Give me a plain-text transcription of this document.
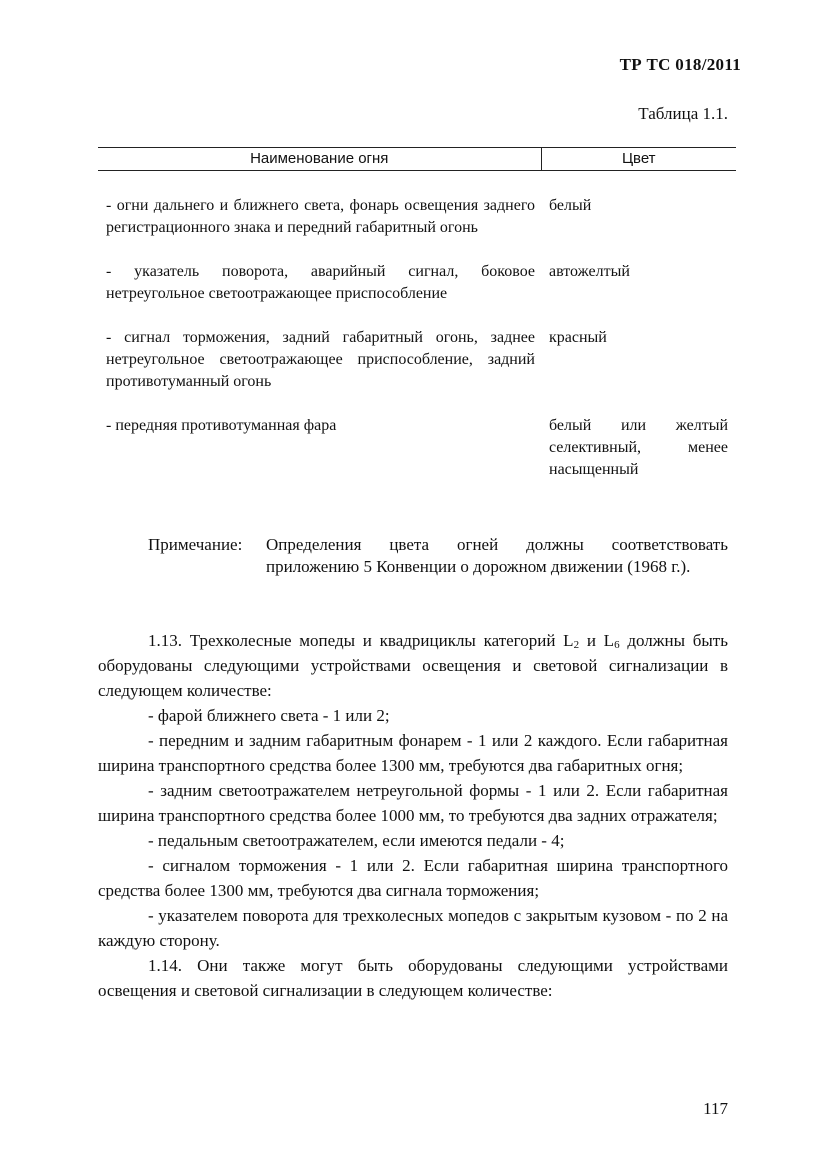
ТР ТС 018/2011
Таблица 1.1.
Наименование огня	Цвет

- огни дальнего и ближнего света, фонарь освещения заднего регистрационного знака и передний габаритный огонь	белый

- указатель поворота, аварийный сигнал, боковое нетреугольное светоотражающее приспособление	автожелтый

- сигнал торможения, задний габаритный огонь, заднее нетреугольное светоотражающее приспособление, задний противотуманный огонь	красный

- передняя противотуманная фара	белый или желтый селективный, менее насыщенный
Примечание: Определения цвета огней должны соответствовать приложению 5 Конвенции о дорожном движении (1968 г.).

1.13. Трехколесные мопеды и квадрициклы категорий $L_2$ и $L_6$ должны быть оборудованы следующими устройствами освещения и световой сигнализации в следующем количестве:

- фарой ближнего света - 1 или 2;

- передним и задним габаритным фонарем - 1 или 2 каждого. Если габаритная ширина транспортного средства более 1300 мм, требуются два габаритных огня;

- задним светоотражателем нетреугольной формы - 1 или 2. Если габаритная ширина транспортного средства более 1000 мм, то требуются два задних отражателя;

- педальным светоотражателем, если имеются педали - 4;

- сигналом торможения - 1 или 2. Если габаритная ширина транспортного средства более 1300 мм, требуются два сигнала торможения;

- указателем поворота для трехколесных мопедов с закрытым кузовом - по 2 на каждую сторону.

1.14. Они также могут быть оборудованы следующими устройствами освещения и световой сигнализации в следующем количестве:

117
